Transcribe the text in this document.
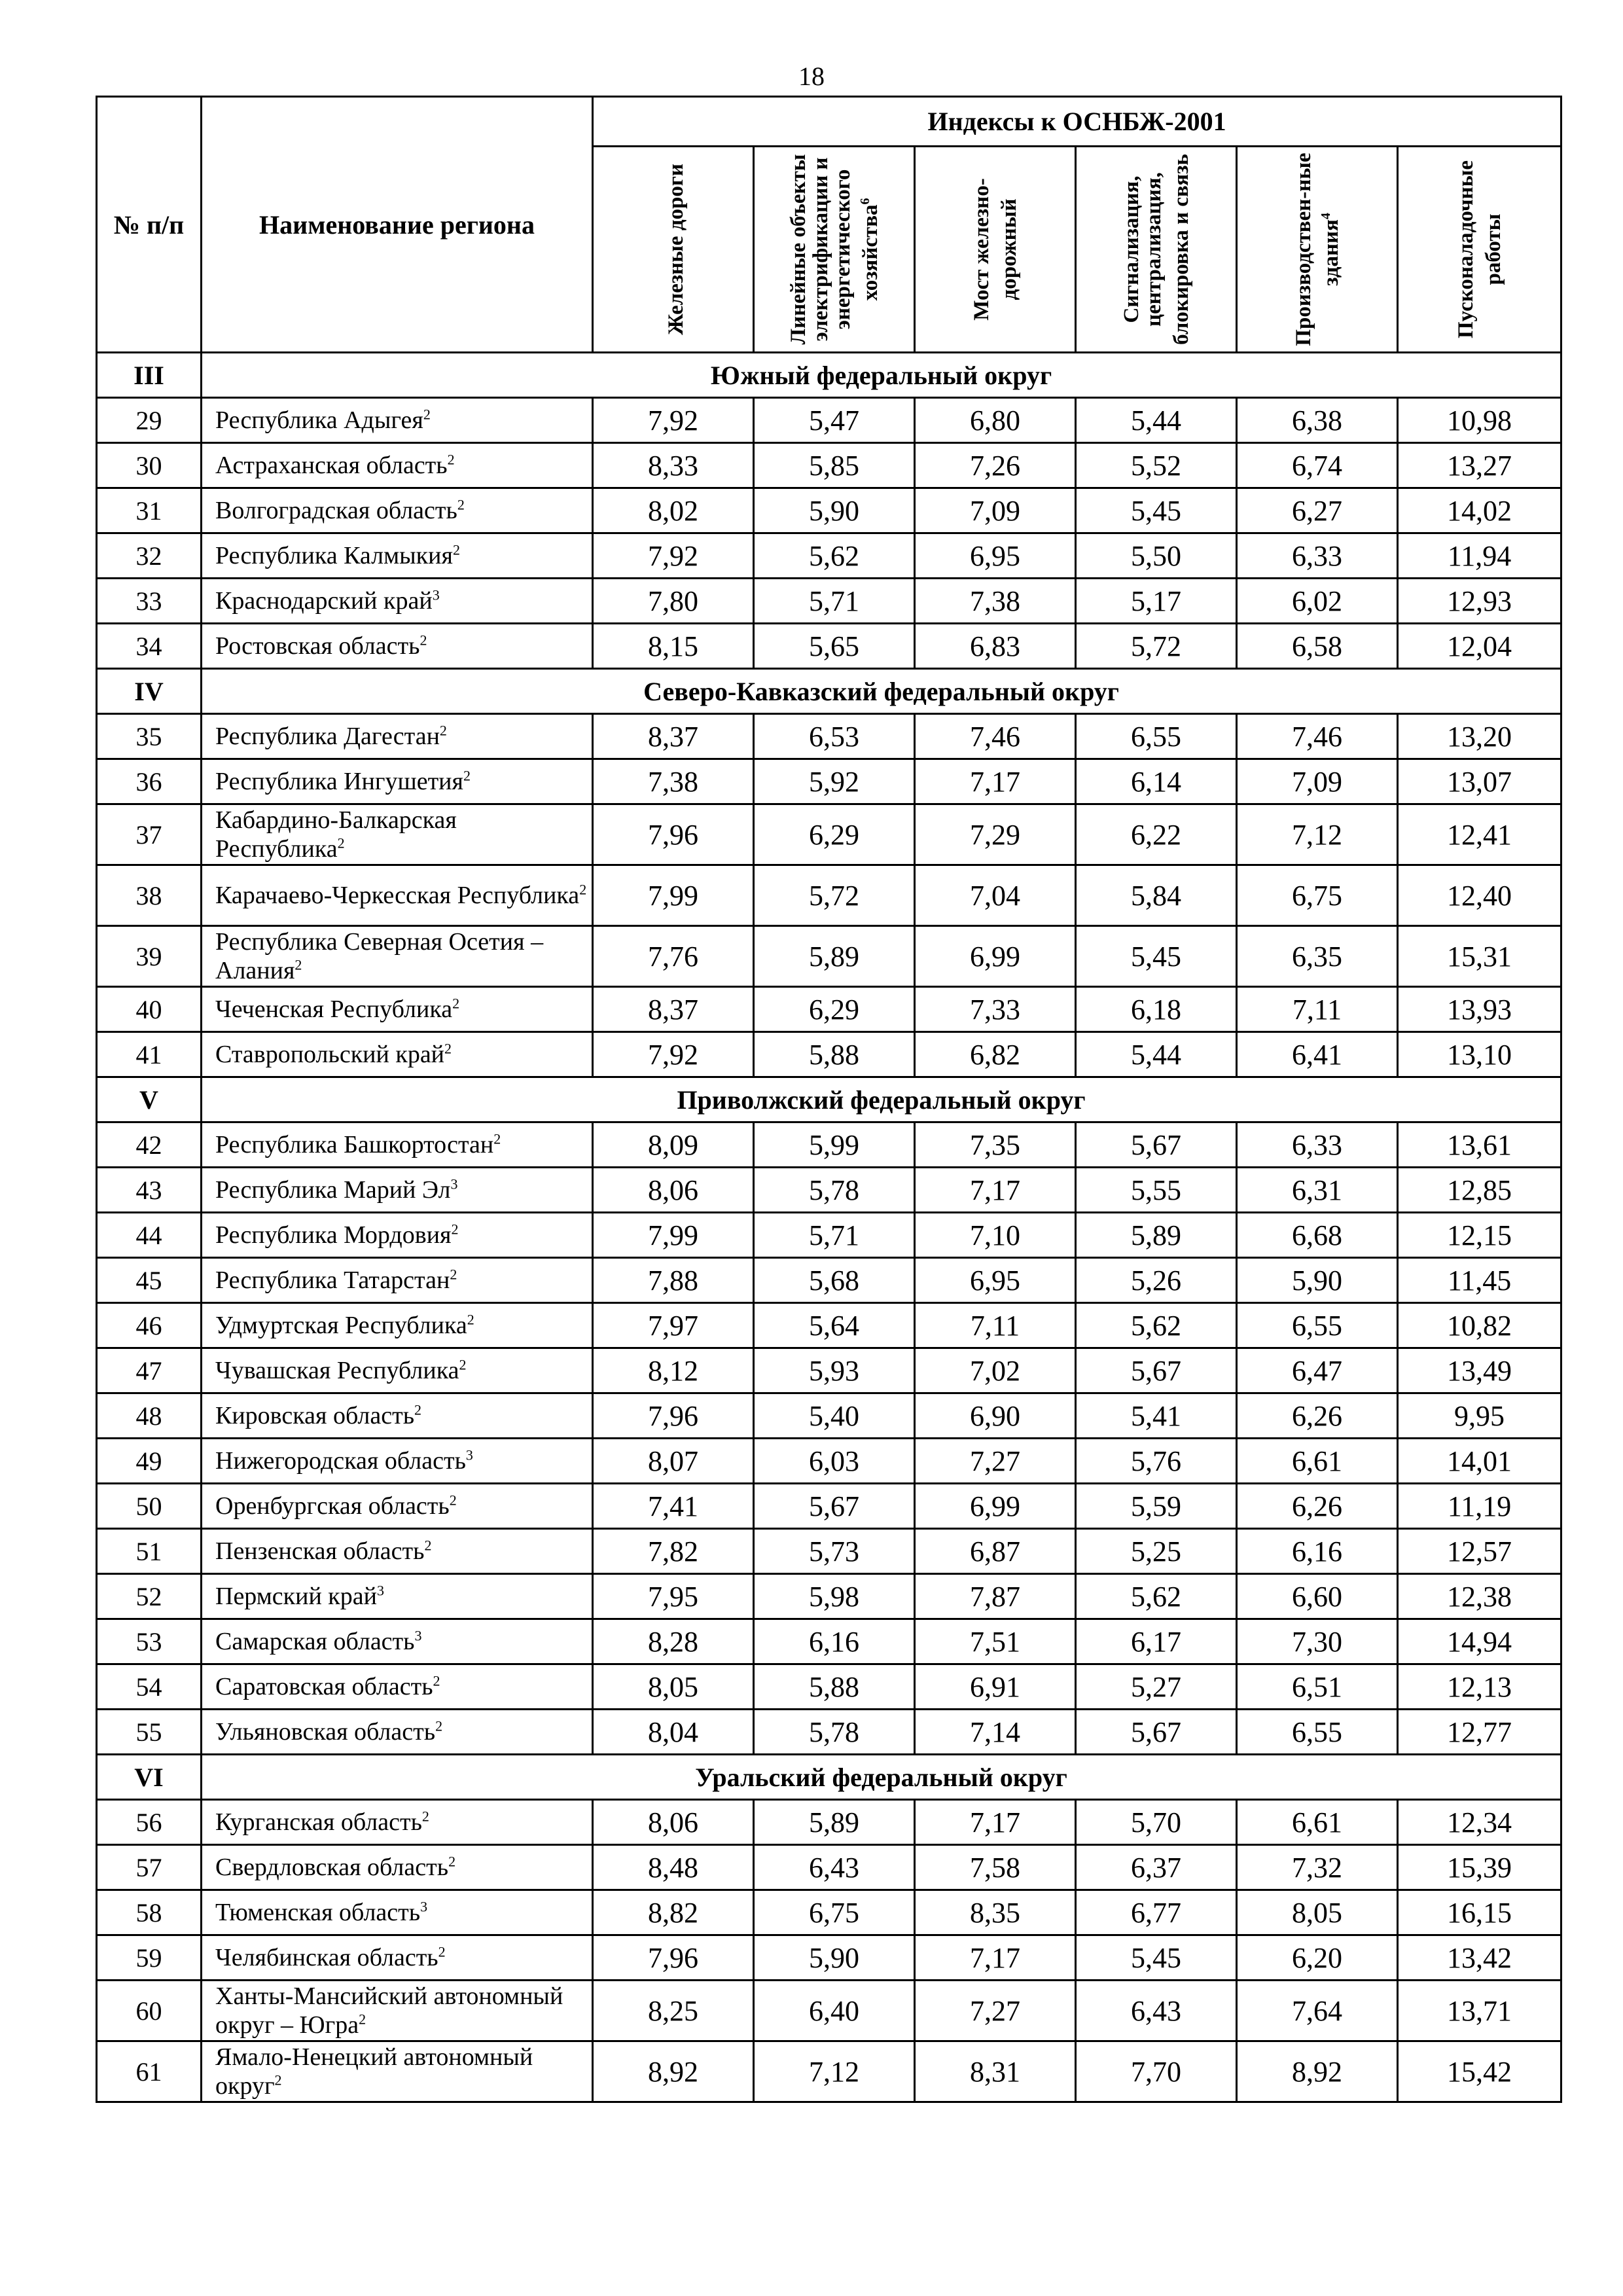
18
№ п/п	Наименование региона	Индексы к ОСНБЖ-2001					

		Железные дороги	Линейные объекты электрификации и энергетического хозяйства$^6$	Мост железно-дорожный	Сигнализация, централизация, блокировка и связь	Производствен-ные здания$^4$	Пусконаладочные работы

III	Южный федеральный округ						
29	Республика Адыгея$^2$	7,92	5,47	6,80	5,44	6,38	10,98
30	Астраханская область$^2$	8,33	5,85	7,26	5,52	6,74	13,27
31	Волгоградская область$^2$	8,02	5,90	7,09	5,45	6,27	14,02
32	Республика Калмыкия$^2$	7,92	5,62	6,95	5,50	6,33	11,94
33	Краснодарский край$^3$	7,80	5,71	7,38	5,17	6,02	12,93
34	Ростовская область$^2$	8,15	5,65	6,83	5,72	6,58	12,04
IV	Северо-Кавказский федеральный округ						
35	Республика Дагестан$^2$	8,37	6,53	7,46	6,55	7,46	13,20
36	Республика Ингушетия$^2$	7,38	5,92	7,17	6,14	7,09	13,07
37	Кабардино-Балкарская Республика$^2$	7,96	6,29	7,29	6,22	7,12	12,41
38	Карачаево-Черкесская Республика$^2$	7,99	5,72	7,04	5,84	6,75	12,40
39	Республика Северная Осетия – Алания$^2$	7,76	5,89	6,99	5,45	6,35	15,31
40	Чеченская Республика$^2$	8,37	6,29	7,33	6,18	7,11	13,93
41	Ставропольский край$^2$	7,92	5,88	6,82	5,44	6,41	13,10
V	Приволжский федеральный округ						
42	Республика Башкортостан$^2$	8,09	5,99	7,35	5,67	6,33	13,61
43	Республика Марий Эл$^3$	8,06	5,78	7,17	5,55	6,31	12,85
44	Республика Мордовия$^2$	7,99	5,71	7,10	5,89	6,68	12,15
45	Республика Татарстан$^2$	7,88	5,68	6,95	5,26	5,90	11,45
46	Удмуртская Республика$^2$	7,97	5,64	7,11	5,62	6,55	10,82
47	Чувашская Республика$^2$	8,12	5,93	7,02	5,67	6,47	13,49
48	Кировская область$^2$	7,96	5,40	6,90	5,41	6,26	9,95
49	Нижегородская область$^3$	8,07	6,03	7,27	5,76	6,61	14,01
50	Оренбургская область$^2$	7,41	5,67	6,99	5,59	6,26	11,19
51	Пензенская область$^2$	7,82	5,73	6,87	5,25	6,16	12,57
52	Пермский край$^3$	7,95	5,98	7,87	5,62	6,60	12,38
53	Самарская область$^3$	8,28	6,16	7,51	6,17	7,30	14,94
54	Саратовская область$^2$	8,05	5,88	6,91	5,27	6,51	12,13
55	Ульяновская область$^2$	8,04	5,78	7,14	5,67	6,55	12,77
VI	Уральский федеральный округ						
56	Курганская область$^2$	8,06	5,89	7,17	5,70	6,61	12,34
57	Свердловская область$^2$	8,48	6,43	7,58	6,37	7,32	15,39
58	Тюменская область$^3$	8,82	6,75	8,35	6,77	8,05	16,15
59	Челябинская область$^2$	7,96	5,90	7,17	5,45	6,20	13,42
60	Ханты-Мансийский автономный округ – Югра$^2$	8,25	6,40	7,27	6,43	7,64	13,71
61	Ямало-Ненецкий автономный округ$^2$	8,92	7,12	8,31	7,70	8,92	15,42
